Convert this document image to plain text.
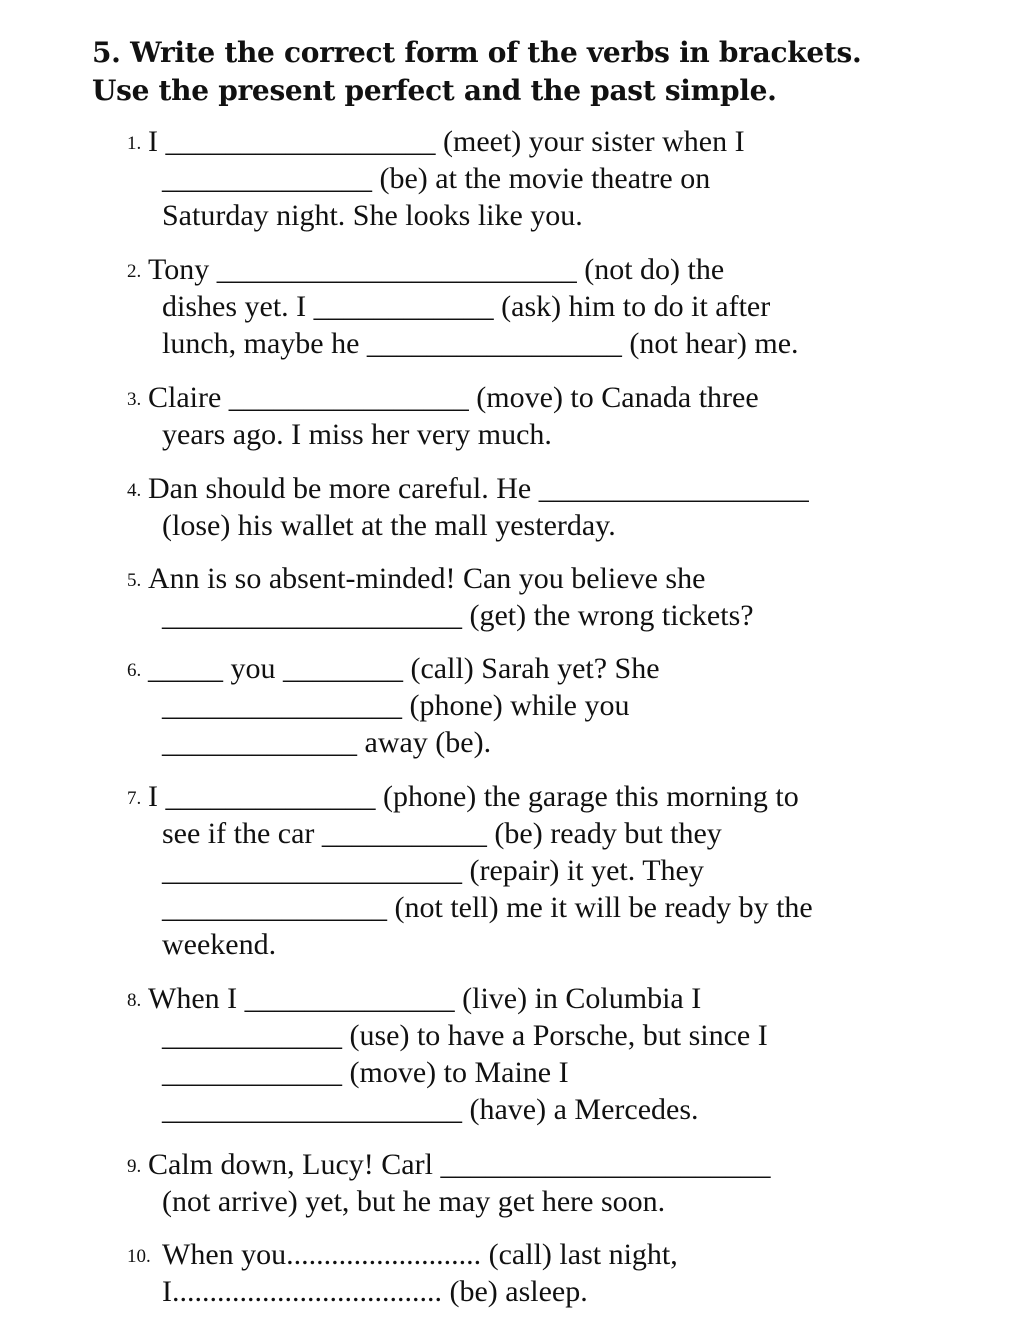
5. Write the correct form of the verbs in brackets.
Use the present perfect and the past simple.
1. I __________________ (meet) your sister when I
______________ (be) at the movie theatre on
Saturday night. She looks like you.
2. Tony ________________________ (not do) the
dishes yet. I ____________ (ask) him to do it after
lunch, maybe he _________________ (not hear) me.
3. Claire ________________ (move) to Canada three
years ago. I miss her very much.
4. Dan should be more careful. He __________________
(lose) his wallet at the mall yesterday.
5. Ann is so absent-minded! Can you believe she
____________________ (get) the wrong tickets?
6. _____ you ________ (call) Sarah yet? She
________________ (phone) while you
_____________ away (be).
7. I ______________ (phone) the garage this morning to
see if the car ___________ (be) ready but they
____________________ (repair) it yet. They
_______________ (not tell) me it will be ready by the
weekend.
8. When I ______________ (live) in Columbia I
____________ (use) to have a Porsche, but since I
____________ (move) to Maine I
____________________ (have) a Mercedes.
9. Calm down, Lucy! Carl ______________________
(not arrive) yet, but he may get here soon.
10. When you.......................... (call) last night,
I.................................... (be) asleep.
